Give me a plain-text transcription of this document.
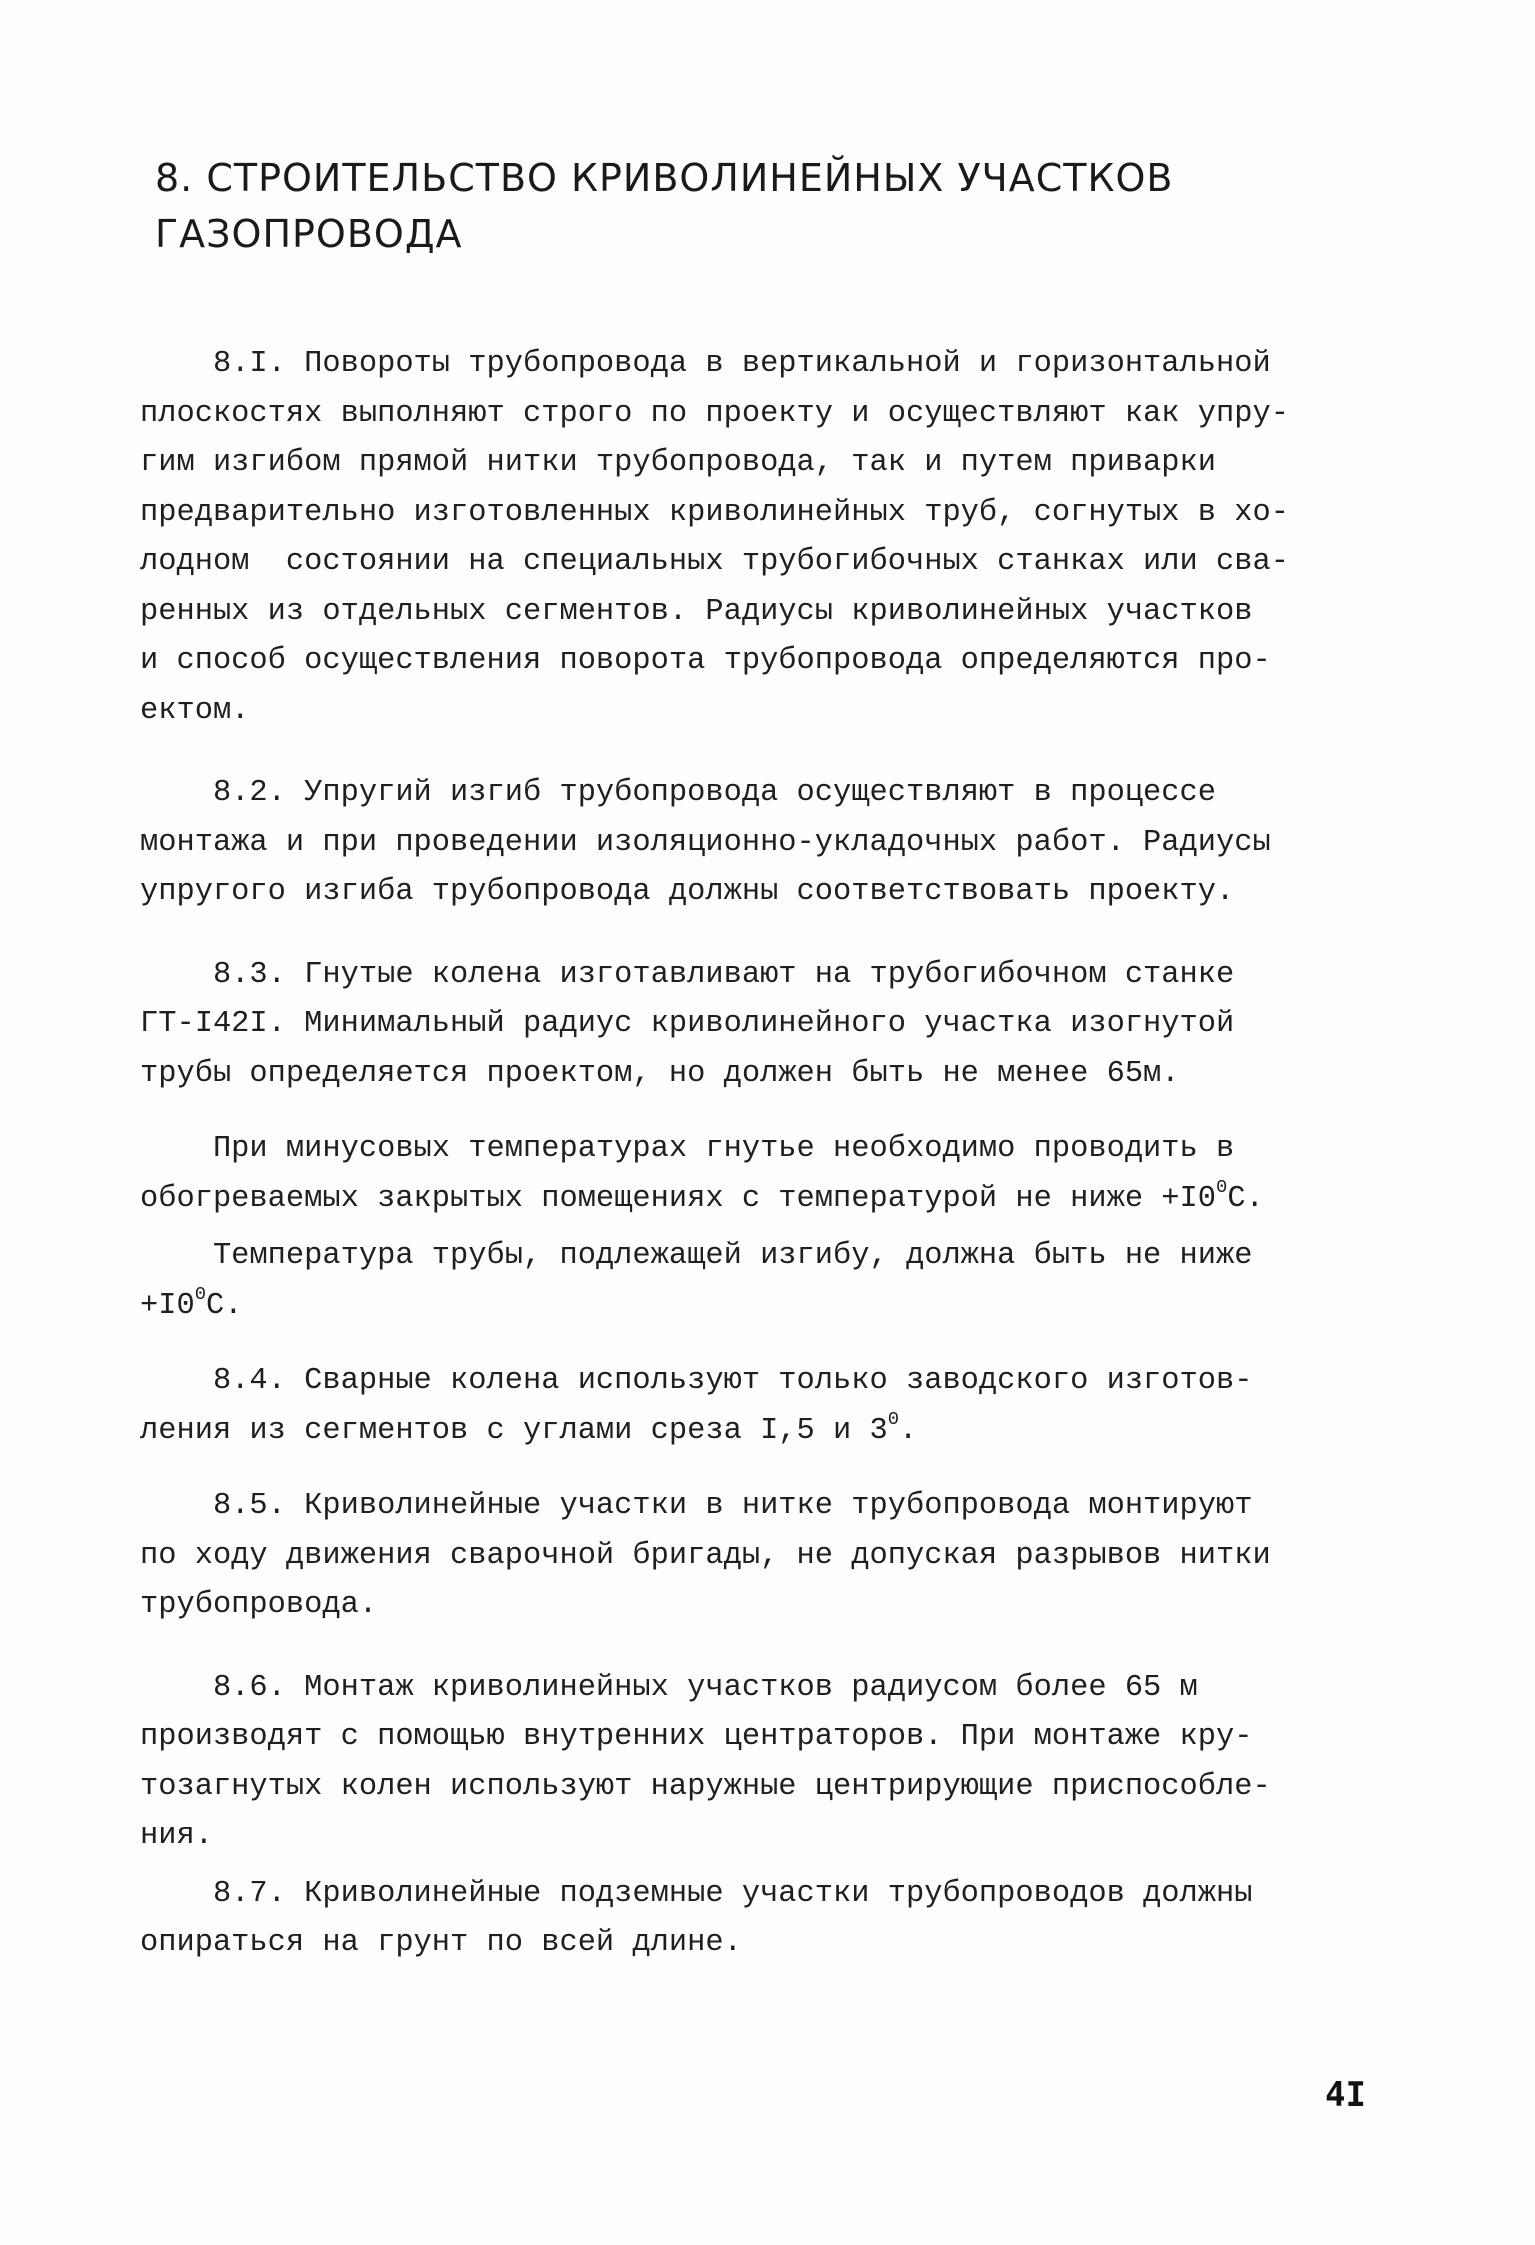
8. СТРОИТЕЛЬСТВО КРИВОЛИНЕЙНЫХ УЧАСТКОВ
ГАЗОПРОВОДА
8.I. Повороты трубопровода в вертикальной и горизонтальной
плоскостях выполняют строго по проекту и осуществляют как упру-
гим изгибом прямой нитки трубопровода, так и путем приварки
предварительно изготовленных криволинейных труб, согнутых в хо-
лодном  состоянии на специальных трубогибочных станках или сва-
ренных из отдельных сегментов. Радиусы криволинейных участков
и способ осуществления поворота трубопровода определяются про-
ектом.
8.2. Упругий изгиб трубопровода осуществляют в процессе
монтажа и при проведении изоляционно-укладочных работ. Радиусы
упругого изгиба трубопровода должны соответствовать проекту.
8.3. Гнутые колена изготавливают на трубогибочном станке
ГТ-I42I. Минимальный радиус криволинейного участка изогнутой
трубы определяется проектом, но должен быть не менее 65м.
При минусовых температурах гнутье необходимо проводить в
обогреваемых закрытых помещениях с температурой не ниже $+I0^0С$.
Температура трубы, подлежащей изгибу, должна быть не ниже
$+I0^0С$.
8.4. Сварные колена используют только заводского изготов-
ления из сегментов с углами среза I,5 и $3^0$.
8.5. Криволинейные участки в нитке трубопровода монтируют
по ходу движения сварочной бригады, не допуская разрывов нитки
трубопровода.
8.6. Монтаж криволинейных участков радиусом более 65 м
производят с помощью внутренних центраторов. При монтаже кру-
тозагнутых колен используют наружные центрирующие приспособле-
ния.
8.7. Криволинейные подземные участки трубопроводов должны
опираться на грунт по всей длине.
4I
